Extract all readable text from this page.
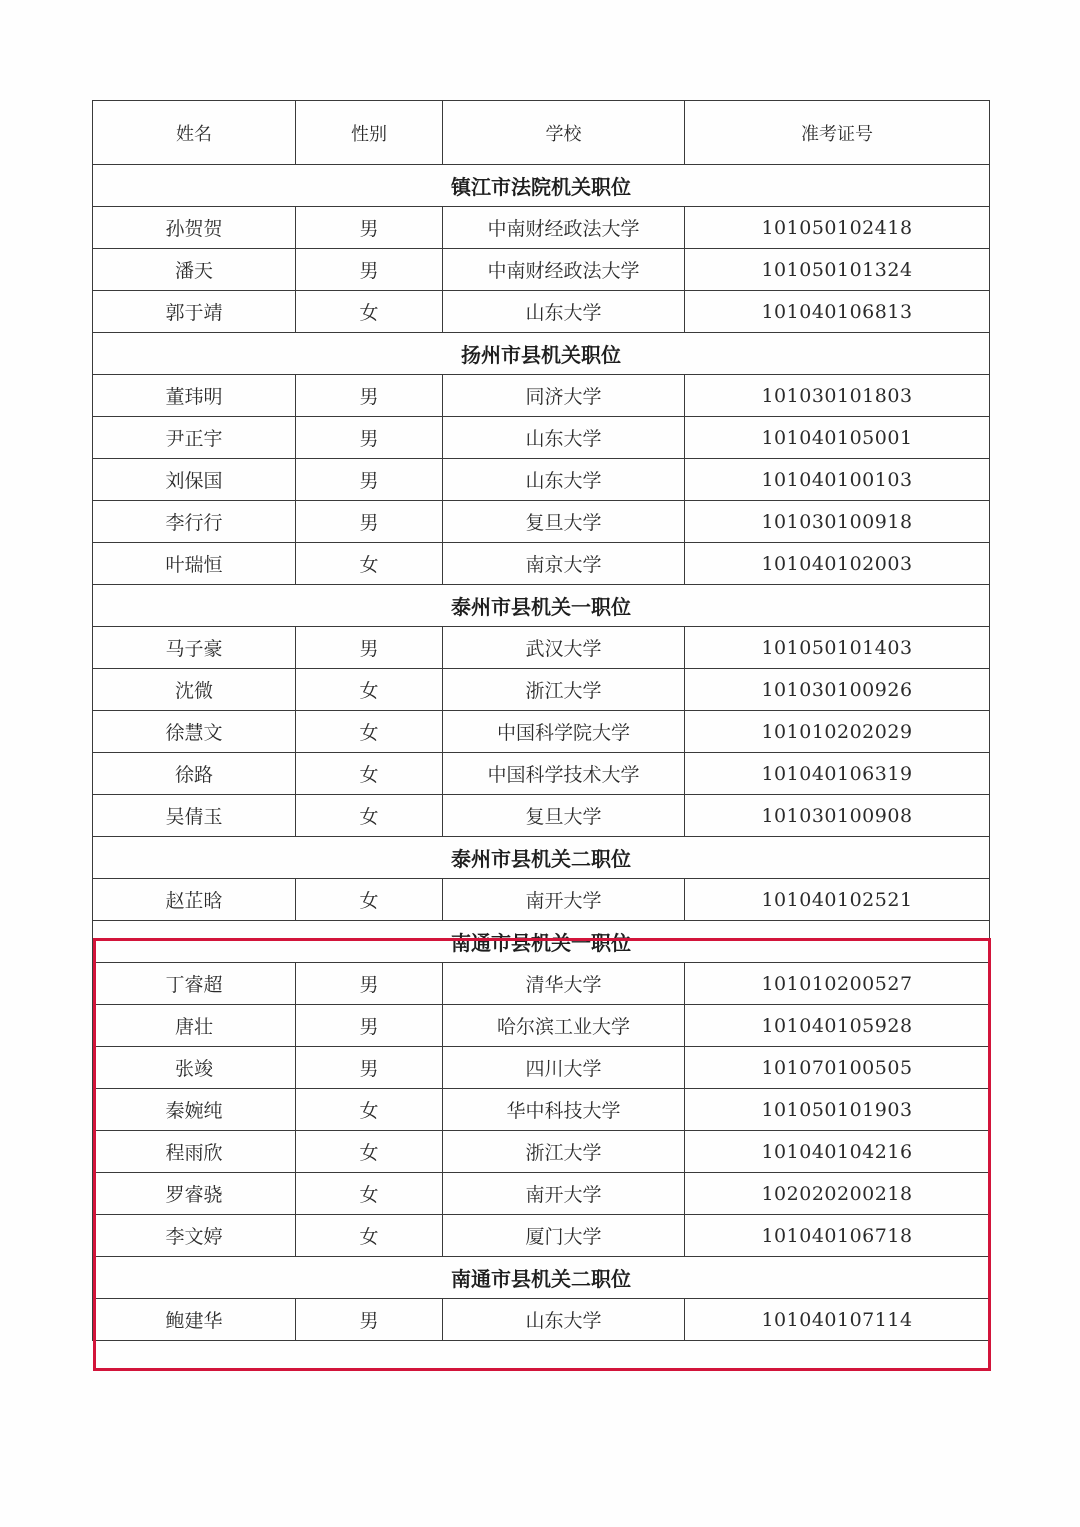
姓名	性别	学校	准考证号
镇江市法院机关职位			
孙贺贺	男	中南财经政法大学	101050102418
潘天	男	中南财经政法大学	101050101324
郭于靖	女	山东大学	101040106813
扬州市县机关职位			
董玮明	男	同济大学	101030101803
尹正宇	男	山东大学	101040105001
刘保国	男	山东大学	101040100103
李行行	男	复旦大学	101030100918
叶瑞恒	女	南京大学	101040102003
泰州市县机关一职位			
马子豪	男	武汉大学	101050101403
沈微	女	浙江大学	101030100926
徐慧文	女	中国科学院大学	101010202029
徐路	女	中国科学技术大学	101040106319
吴倩玉	女	复旦大学	101030100908
泰州市县机关二职位			
赵芷晗	女	南开大学	101040102521
南通市县机关一职位			
丁睿超	男	清华大学	101010200527
唐壮	男	哈尔滨工业大学	101040105928
张竣	男	四川大学	101070100505
秦婉纯	女	华中科技大学	101050101903
程雨欣	女	浙江大学	101040104216
罗睿骁	女	南开大学	102020200218
李文婷	女	厦门大学	101040106718
南通市县机关二职位			
鲍建华	男	山东大学	101040107114
